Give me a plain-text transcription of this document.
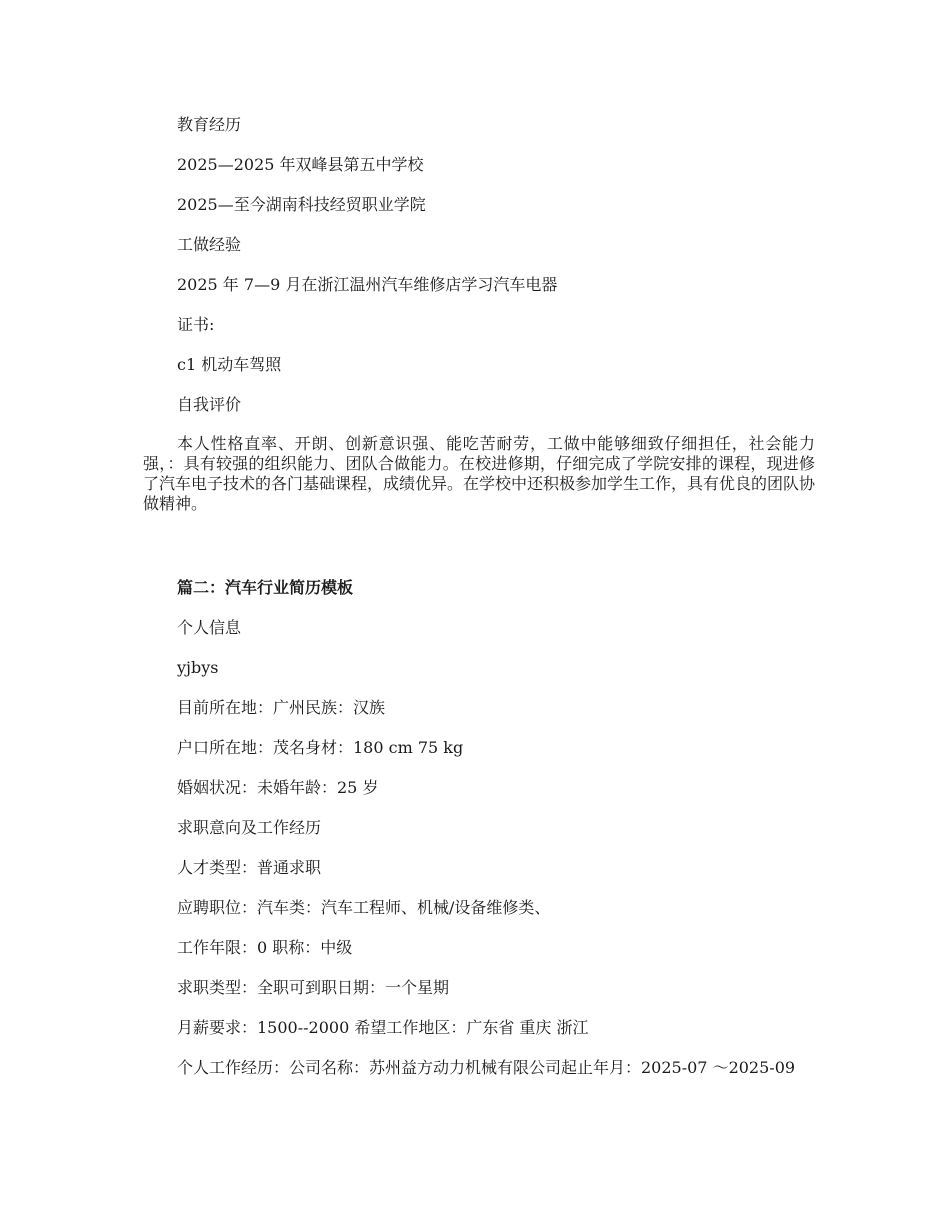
教育经历
2025—2025 年双峰县第五中学校
2025—至今湖南科技经贸职业学院
工做经验
2025 年 7—9 月在浙江温州汽车维修店学习汽车电器
证书:
c1 机动车驾照
自我评价
本人性格直率、开朗、创新意识强、能吃苦耐劳，工做中能够细致仔细担任，社会能力强，：具有较强的组织能力、团队合做能力。在校进修期，仔细完成了学院安排的课程，现进修了汽车电子技术的各门基础课程，成绩优异。在学校中还积极参加学生工作，具有优良的团队协做精神。
篇二：汽车行业简历模板
个人信息
yjbys
目前所在地：广州民族：汉族
户口所在地：茂名身材：180 cm 75 kg
婚姻状况：未婚年龄：25 岁
求职意向及工作经历
人才类型：普通求职
应聘职位：汽车类：汽车工程师、机械/设备维修类、
工作年限：0 职称：中级
求职类型：全职可到职日期：一个星期
月薪要求：1500--2000 希望工作地区：广东省 重庆 浙江
个人工作经历：公司名称：苏州益方动力机械有限公司起止年月：2025-07 ～2025-09
